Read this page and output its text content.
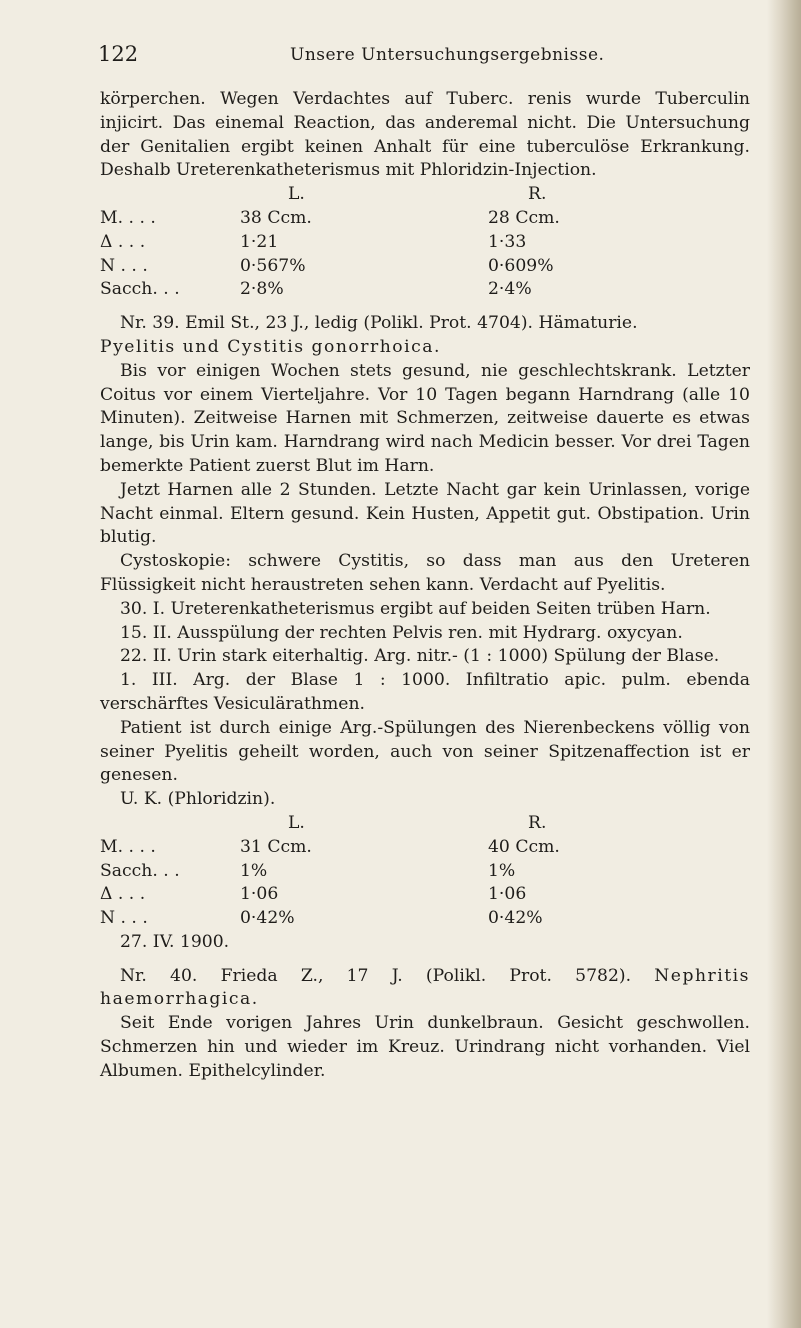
122	Unsere Untersuchungsergebnisse.

körperchen. Wegen Verdachtes auf Tuberc. renis wurde Tuberculin injicirt. Das einemal Reaction, das anderemal nicht. Die Untersuchung der Genitalien ergibt keinen Anhalt für eine tuberculöse Erkrankung. Deshalb Ureterenkatheterismus mit Phloridzin-Injection.

	L.	R.
M. . . .	38 Ccm.	28 Ccm.
Δ . . .	1·21	1·33
N . . .	0·567%	0·609%
Sacch. . .	2·8%	2·4%

Nr. 39. Emil St., 23 J., ledig (Polikl. Prot. 4704). Hämaturie.

Pyelitis und Cystitis gonorrhoica.

Bis vor einigen Wochen stets gesund, nie geschlechtskrank. Letzter Coitus vor einem Vierteljahre. Vor 10 Tagen begann Harndrang (alle 10 Minuten). Zeitweise Harnen mit Schmerzen, zeitweise dauerte es etwas lange, bis Urin kam. Harndrang wird nach Medicin besser. Vor drei Tagen bemerkte Patient zuerst Blut im Harn.

Jetzt Harnen alle 2 Stunden. Letzte Nacht gar kein Urinlassen, vorige Nacht einmal. Eltern gesund. Kein Husten, Appetit gut. Obstipation. Urin blutig.

Cystoskopie: schwere Cystitis, so dass man aus den Ureteren Flüssigkeit nicht heraustreten sehen kann. Verdacht auf Pyelitis.

30. I. Ureterenkatheterismus ergibt auf beiden Seiten trüben Harn.

15. II. Ausspülung der rechten Pelvis ren. mit Hydrarg. oxycyan.

22. II. Urin stark eiterhaltig. Arg. nitr.- (1 : 1000) Spülung der Blase.

1. III. Arg. der Blase 1 : 1000. Infiltratio apic. pulm. ebenda verschärftes Vesiculärathmen.

Patient ist durch einige Arg.-Spülungen des Nierenbeckens völlig von seiner Pyelitis geheilt worden, auch von seiner Spitzenaffection ist er genesen.

U. K. (Phloridzin).

	L.	R.
M. . . .	31 Ccm.	40 Ccm.
Sacch. . .	1%	1%
Δ . . .	1·06	1·06
N . . .	0·42%	0·42%

27. IV. 1900.

Nr. 40. Frieda Z., 17 J. (Polikl. Prot. 5782). Nephritis haemorrhagica.

Seit Ende vorigen Jahres Urin dunkelbraun. Gesicht geschwollen. Schmerzen hin und wieder im Kreuz. Urindrang nicht vorhanden. Viel Albumen. Epithelcylinder.
